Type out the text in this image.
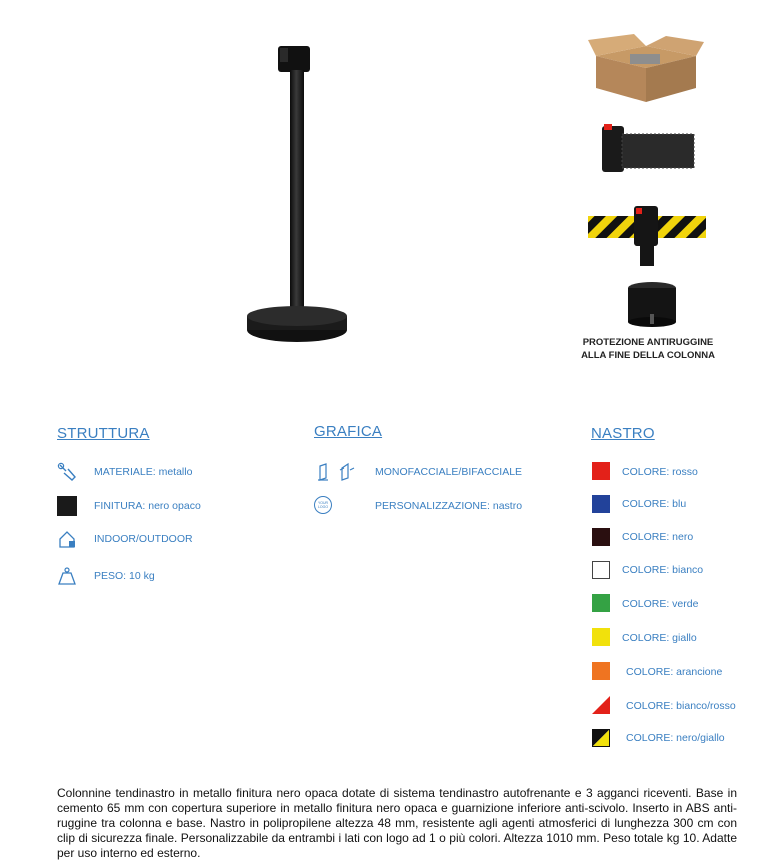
PROTEZIONE ANTIRUGGINE
ALLA FINE DELLA COLONNA
STRUTTURA
MATERIALE: metallo
FINITURA: nero opaco
INDOOR/OUTDOOR
PESO: 10 kg
GRAFICA
MONOFACCIALE/BIFACCIALE
YOUR LOGO	PERSONALIZZAZIONE: nastro
NASTRO
COLORE: rosso
COLORE: blu
COLORE: nero
COLORE: bianco
COLORE: verde
COLORE: giallo
COLORE: arancione
COLORE: bianco/rosso
COLORE: nero/giallo
Colonnine tendinastro in metallo finitura nero opaca dotate di sistema tendinastro autofrenante e 3 agganci riceventi. Base in cemento 65 mm con copertura superiore in metallo finitura nero opaca e guarnizione inferiore anti-scivolo. Inserto in ABS anti-ruggine tra colonna e base. Nastro in polipropilene altezza 48 mm, resistente agli agenti atmosferici di lunghezza 300 cm con clip di sicurezza finale. Personalizzabile da entrambi i lati con logo ad 1 o più colori. Altezza 1010 mm. Peso totale kg 10. Adatte per uso interno ed esterno.
